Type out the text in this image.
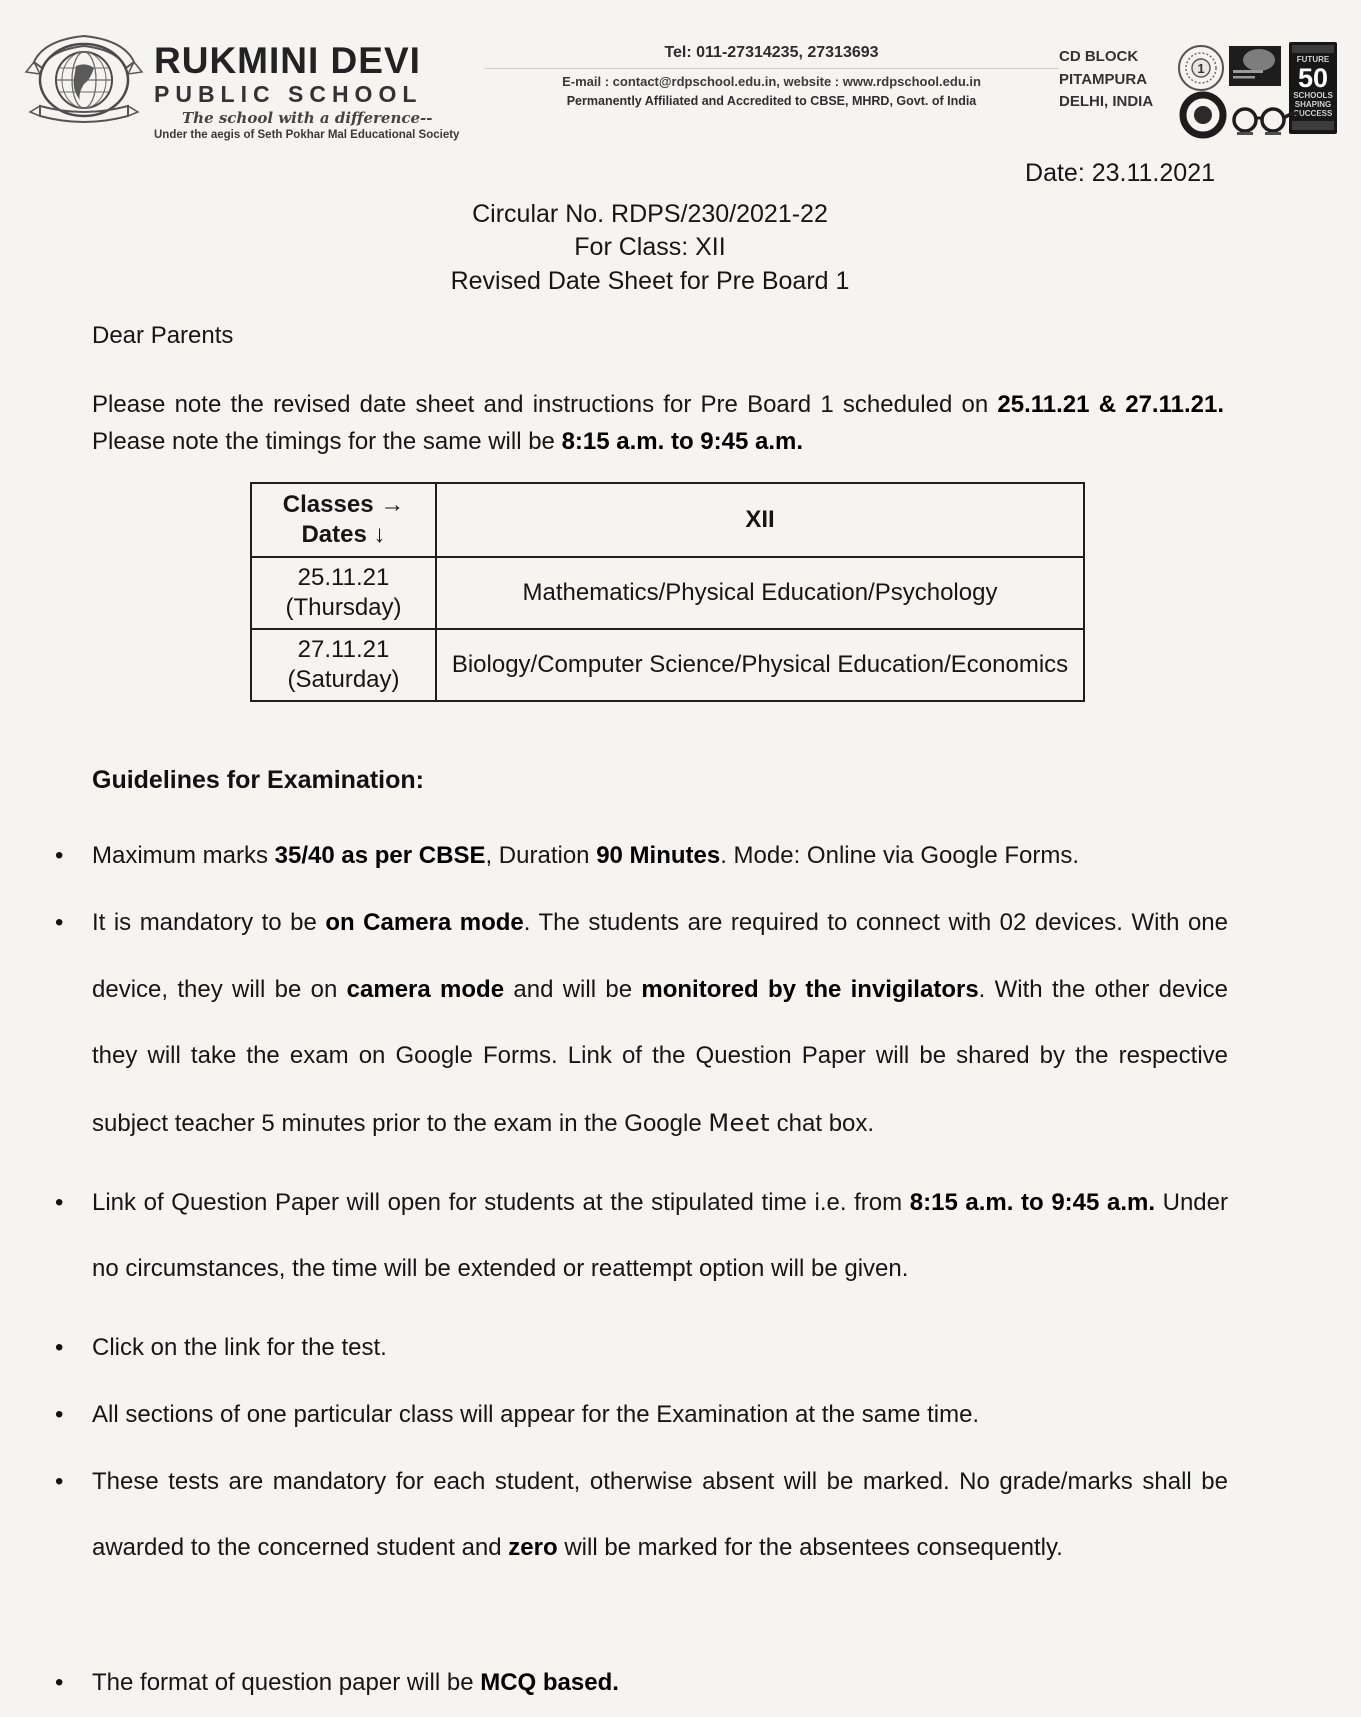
RUKMINI DEVI
PUBLIC SCHOOL
The school with a difference--
Under the aegis of Seth Pokhar Mal Educational Society
Tel: 011-27314235, 27313693
E-mail : contact@rdpschool.edu.in, website : www.rdpschool.edu.in
Permanently Affiliated and Accredited to CBSE, MHRD, Govt. of India
CD BLOCK
PITAMPURA
DELHI, INDIA
1
FUTURE
50
SCHOOLS
SHAPING
SUCCESS
Date: 23.11.2021
Circular No. RDPS/230/2021-22
For Class: XII
Revised Date Sheet for Pre Board 1
Dear Parents

Please note the revised date sheet and instructions for Pre Board 1 scheduled on 25.11.21 & 27.11.21. Please note the timings for the same will be 8:15 a.m. to 9:45 a.m.

Classes →
Dates ↓	XII
25.11.21
(Thursday)	Mathematics/Physical Education/Psychology
27.11.21
(Saturday)	Biology/Computer Science/Physical Education/Economics
Guidelines for Examination:
• Maximum marks 35/40 as per CBSE, Duration 90 Minutes. Mode: Online via Google Forms.
• It is mandatory to be on Camera mode. The students are required to connect with 02 devices. With one device, they will be on camera mode and will be monitored by the invigilators. With the other device they will take the exam on Google Forms. Link of the Question Paper will be shared by the respective subject teacher 5 minutes prior to the exam in the Google Meet chat box.
• Link of Question Paper will open for students at the stipulated time i.e. from 8:15 a.m. to 9:45 a.m. Under no circumstances, the time will be extended or reattempt option will be given.
• Click on the link for the test.
• All sections of one particular class will appear for the Examination at the same time.
• These tests are mandatory for each student, otherwise absent will be marked. No grade/marks shall be awarded to the concerned student and zero will be marked for the absentees consequently.
• The format of question paper will be MCQ based.
